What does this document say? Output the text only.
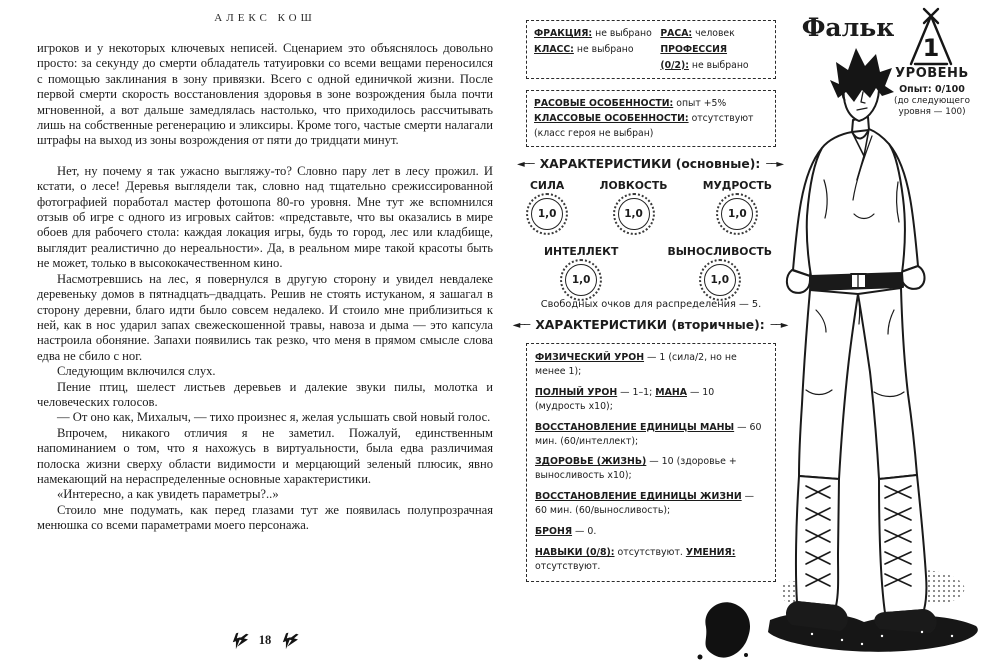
АЛЕКС КОШ

игроков и у некоторых ключевых неписей. Сценарием это объяснялось довольно просто: за секунду до смерти обладатель татуировки со всеми вещами переносился с помощью заклинания в зону привязки. Всего с одной единичкой жизни. После первой смерти скорость восстановления здоровья в зоне возрождения была почти мгновенной, а вот дальше замедлялась настолько, что приходилось рассчитывать лишь на собственные регенерацию и эликсиры. Кроме того, частые смерти налагали штрафы на выход из зоны возрождения от пяти до тридцати минут.

Нет, ну почему я так ужасно выгляжу-то? Словно пару лет в лесу прожил. И кстати, о лесе! Деревья выглядели так, словно над тщательно срежиссированной фотографией поработал мастер фотошопа 80-го уровня. Мне тут же вспомнился отзыв об игре с одного из игровых сайтов: «представьте, что вы оказались в мире обоев для рабочего стола: каждая локация игры, будь то город, лес или кладбище, выглядит реалистично до нереальности». Да, в реальном мире такой красоты быть не может, только в высококачественном кино.

Насмотревшись на лес, я повернулся в другую сторону и увидел невдалеке деревеньку домов в пятнадцать–двадцать. Решив не стоять истуканом, я зашагал в сторону деревни, благо идти было совсем недалеко. И стоило мне приблизиться к ней, как в нос ударил запах свежескошенной травы, навоза и дыма — это капсула настроила обоняние. Запахи появились так резко, что меня в прямом смысле слова едва не сбило с ног.

Следующим включился слух.

Пение птиц, шелест листьев деревьев и далекие звуки пилы, молотка и человеческих голосов.

— От оно как, Михалыч, — тихо произнес я, желая услышать свой новый голос.

Впрочем, никакого отличия я не заметил. Пожалуй, единственным напоминанием о том, что я нахожусь в виртуальности, была едва различимая полоска жизни сверху области видимости и мерцающий зеленый плюсик, явно намекающий на нераспределенные основные характеристики.

«Интересно, а как увидеть параметры?..»

Стоило мне подумать, как перед глазами тут же появилась полупрозрачная менюшка со всеми параметрами моего персонажа.

18
Фальк
1
УРОВЕНЬ
Опыт: 0/100
(до следующего
уровня — 100)
ФРАКЦИЯ: не выбрано РАСА: человек
КЛАСС: не выбрано	ПРОФЕССИЯ (0/2): не выбрано
РАСОВЫЕ ОСОБЕННОСТИ: опыт +5%
КЛАССОВЫЕ ОСОБЕННОСТИ: отсутствуют (класс героя не выбран)
◄── ХАРАКТЕРИСТИКИ (основные): ──►
СИЛА
1,0
ЛОВКОСТЬ
1,0
МУДРОСТЬ
1,0
ИНТЕЛЛЕКТ
1,0
ВЫНОСЛИВОСТЬ
1,0
Свободных очков для распределения — 5.
◄── ХАРАКТЕРИСТИКИ (вторичные): ──►
ФИЗИЧЕСКИЙ УРОН — 1 (сила/2, но не менее 1);
ПОЛНЫЙ УРОН — 1–1; МАНА — 10 (мудрость х10);
ВОССТАНОВЛЕНИЕ ЕДИНИЦЫ МАНЫ — 60 мин. (60/интеллект);
ЗДОРОВЬЕ (ЖИЗНЬ) — 10 (здоровье + выносливость х10);
ВОССТАНОВЛЕНИЕ ЕДИНИЦЫ ЖИЗНИ — 60 мин. (60/выносливость);
БРОНЯ — 0.
НАВЫКИ (0/8): отсутствуют. УМЕНИЯ: отсутствуют.
